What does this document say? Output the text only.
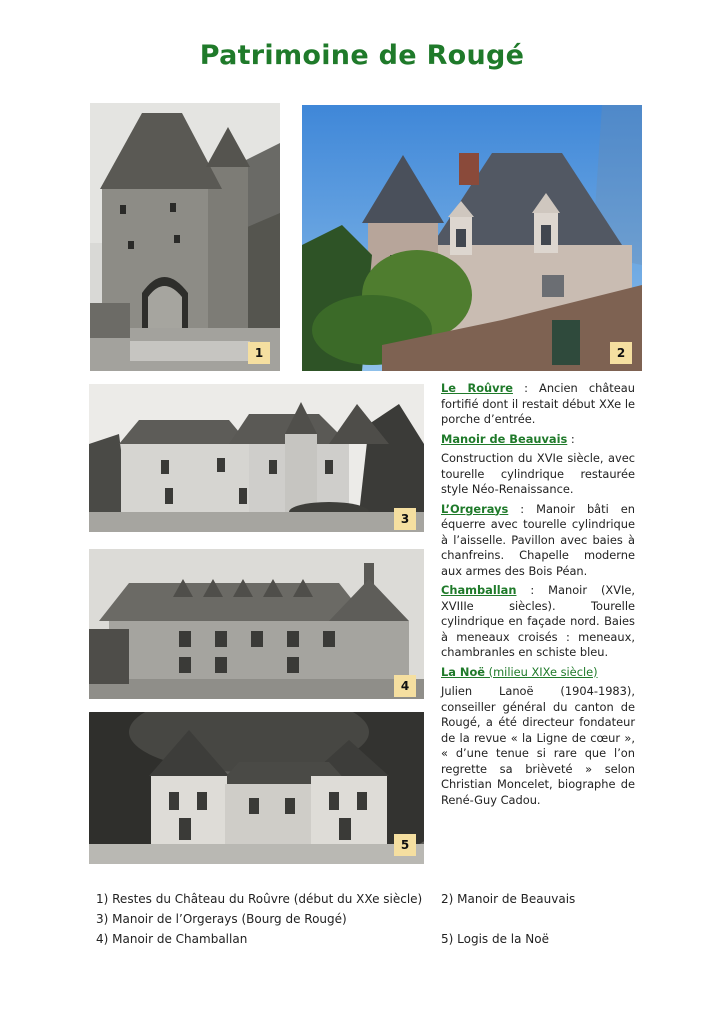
Patrimoine de Rougé
1	2
3
4
5

Le Roûvre : Ancien château fortifié dont il restait début XXe le porche d’entrée.

Manoir de Beauvais :

Construction du XVIe siècle, avec tourelle cylindrique restaurée style Néo-Renaissance.

L’Orgerays : Manoir bâti en équerre avec tourelle cylindrique à l’aisselle. Pavillon avec baies à chanfreins. Chapelle moderne aux armes des Bois Péan.

Chamballan : Manoir (XVIe, XVIIIe siècles). Tourelle cylindrique en façade nord. Baies à meneaux croisés : meneaux, chambranles en schiste bleu.

La Noë (milieu XIXe siècle)

Julien Lanoë (1904-1983), conseiller général du canton de Rougé, a été directeur fondateur de la revue « la Ligne de cœur », « d’une tenue si rare que l’on regrette sa brièveté » selon Christian Moncelet, biographe de René-Guy Cadou.

1) Restes du Château du Roûvre (début du XXe siècle) 2) Manoir de Beauvais
3) Manoir de l’Orgerays (Bourg de Rougé)
4) Manoir de Chamballan	5) Logis de la Noë
